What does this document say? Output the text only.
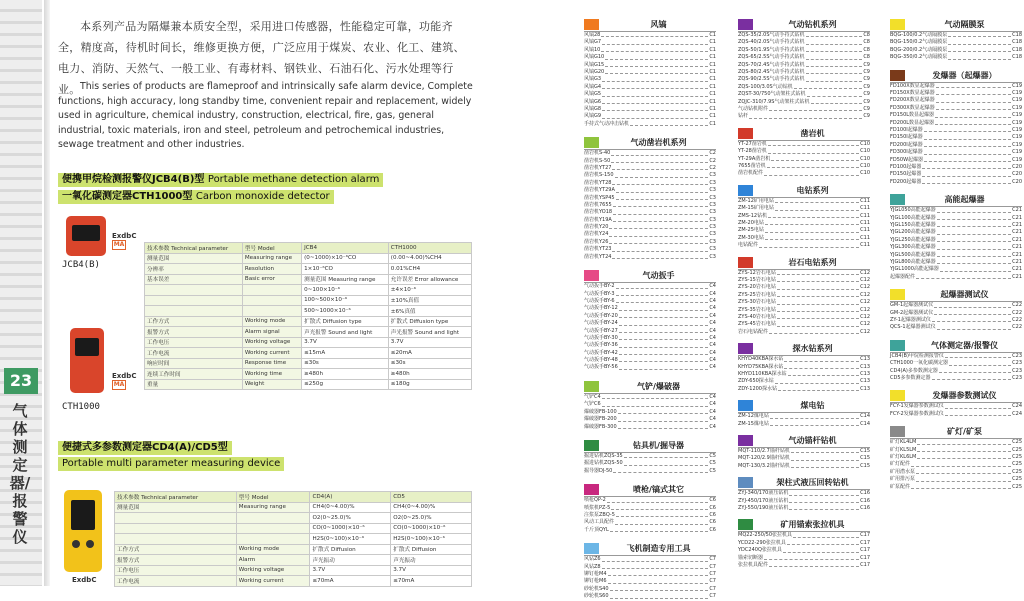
23
气体测定器/报警仪
本系列产品为隔爆兼本质安全型，采用进口传感器，性能稳定可靠，功能齐全，精度高，待机时间长，维修更换方便，广泛应用于煤炭、农业、化工、建筑、电力、消防、天然气、一般工业、有毒材料、钢铁业、石油石化、污水处理等行业。 This series of products are flameproof and intrinsically safe alarm device, Complete functions, high accuracy, long standby time, convenient repair and replacement, widely used in agriculture, chemical industry, construction, electrical, fire, gas, general industrial, toxic materials, iron and steel, petroleum and petrochemical industries, sewage treatment and other industries.
便携甲烷检测报警仪JCB4(B)型 Portable methane detection alarm
一氧化碳测定器CTH1000型 Carbon monoxide detector
ExdbC
MA
JCB4(B)
ExdbC
MA
CTH1000
技术参数 Technical parameter	型号 Model	JCB4	CTH1000
测量范围	Measuring range	(0~1000)×10⁻⁶CO	(0.00~4.00)%CH4
分辨率	Resolution	1×10⁻⁶CO	0.01%CH4
基本误差	Basic error	测量范围 Measuring range	允许误差 Error allowance
		0~100×10⁻⁶	±4×10⁻⁶
		100~500×10⁻⁶	±10%真值
		500~1000×10⁻⁶	±6%真值
工作方式	Working mode	扩散式 Diffusion type	扩散式 Diffusion type
报警方式	Alarm signal	声光报警 Sound and light	声光报警 Sound and light
工作电压	Working voltage	3.7V	3.7V
工作电流	Working current	≤15mA	≤20mA
响应时间	Response time	≤30s	≤30s
连续工作时间	Working time	≥480h	≥480h
重量	Weight	≤250g	≤180g
便捷式多参数测定器CD4(A)/CD5型
Portable multi parameter measuring device
ExdbC
技术参数 Technical parameter	型号 Model	CD4(A)	CD5
测量范围	Measuring range	CH4(0~4.00)%	CH4(0~4.00)%
		O2(0~25.0)%	O2(0~25.0)%
		CO(0~1000)×10⁻⁶	CO(0~1000)×10⁻⁶
		H2S(0~100)×10⁻⁶	H2S(0~100)×10⁻⁶
工作方式	Working mode	扩散式 Diffusion	扩散式 Diffusion
报警方式	Alarm	声光振动	声光振动
工作电压	Working voltage	3.7V	3.7V
工作电流	Working current	≤70mA	≤70mA
风镐
风镐28	C1
风镐G7	C1
风镐10	C1
风镐G10	C1
风镐G15	C1
风镐G20	C1
风镐G3	C1
风镐G4	C1
风镐G5	C1
风镐G6	C1
风镐G8	C1
风镐G9	C1
手持式气动冲击钻机	C1
气动凿岩机系列
凿岩机S-40	C2
凿岩机S-50	C2
凿岩机YT27	C2
凿岩机S-150	C3
凿岩机YT28	C3
凿岩机YT29A	C3
凿岩机YSP45	C3
凿岩机7655	C3
凿岩机YO18	C3
凿岩机Y19A	C3
凿岩机Y20	C3
凿岩机Y24	C3
凿岩机Y26	C3
凿岩机YT23	C3
凿岩机YT24	C3
气动扳手
气动扳手BY-2	C4
气动扳手BY-3	C4
气动扳手BY-6	C4
气动扳手BY-12	C4
气动扳手BY-20	C4
气动扳手BY-24	C4
气动扳手BY-27	C4
气动扳手BY-30	C4
气动扳手BY-36	C4
气动扳手BY-42	C4
气动扳手BY-48	C4
气动扳手BY-56	C4
气铲/爆破器
气铲C4	C4
气铲C6	C4
爆破器FB-100	C4
爆破器FB-200	C4
爆破器FB-300	C4
钻具机/掘导器
掘进钻机ZQS-35	C5
掘进钻机ZQS-50	C5
掘导器DJ-50	C5
喷枪/镐式其它
喷枪QP-2	C6
喷浆机PZ-5	C6
注浆泵ZBQ-5	C6
风动工具配件	C6
千斤顶QYL	C6
飞机制造专用工具
风钻Z6	C7
风钻Z8	C7
铆钉枪M4	C7
铆钉枪M6	C7
砂轮机S40	C7
砂轮机S60	C7
气动钻机系列
ZQS-35/2.0S气动手持式钻机	C8
ZQS-40/2.0S气动手持式钻机	C8
ZQS-50/1.9S气动手持式钻机	C8
ZQS-65/2.5S气动手持式钻机	C8
ZQS-70/2.4S气动手持式钻机	C9
ZQS-80/2.4S气动手持式钻机	C9
ZQS-90/2.5S气动手持式钻机	C9
ZQS-100/3.0S气动钻机	C9
ZQST-30/750气动架柱式钻机	C9
ZQJC-310/7.9S气动架柱式钻机	C9
气动钻机附件	C9
钻杆	C9
凿岩机
YT-27凿岩机	C10
YT-28凿岩机	C10
YT-29A凿岩机	C10
7655凿岩机	C10
凿岩机配件	C10
电钻系列
ZM-12矿用电钻	C11
ZM-15矿用电钻	C11
ZMS-12钻机	C11
ZM-20电钻	C11
ZM-25电钻	C11
ZM-30电钻	C11
电钻配件	C11
岩石电钻系列
ZYS-12岩石电钻	C12
ZYS-15岩石电钻	C12
ZYS-20岩石电钻	C12
ZYS-25岩石电钻	C12
ZYS-30岩石电钻	C12
ZYS-35岩石电钻	C12
ZYS-40岩石电钻	C12
ZYS-45岩石电钻	C12
岩石电钻配件	C12
探水钻系列
KHYD40KBA探水钻	C13
KHYD75KBA探水钻	C13
KHYD110KBA探水钻	C13
ZDY-650探水钻	C13
ZDY-1200探水钻	C13
煤电钻
ZM-12煤电钻	C14
ZM-15煤电钻	C14
气动锚杆钻机
MQT-110/2.7锚杆钻机	C15
MQT-120/2.9锚杆钻机	C15
MQT-130/3.2锚杆钻机	C15
架柱式液压回转钻机
ZYJ-340/170液压钻机	C16
ZYJ-450/170液压钻机	C16
ZYJ-550/190液压钻机	C16
矿用锚索张拉机具
MQ22-250/50张拉机具	C17
YCD22-290张拉机具	C17
YDC240Q张拉机具	C17
锚索切断器	C17
张拉机具配件	C17
气动隔膜泵
BQG-100/0.2气动隔膜泵	C18
BQG-150/0.2气动隔膜泵	C18
BQG-200/0.2气动隔膜泵	C18
BQG-350/0.2气动隔膜泵	C18
发爆器（起爆器）
FD100X数显起爆器	C19
FD150X数显起爆器	C19
FD200X数显起爆器	C19
FD300X数显起爆器	C19
FD150L数显起爆器	C19
FD200L数显起爆器	C19
FD100I起爆器	C19
FD150I起爆器	C19
FD200I起爆器	C19
FD300I起爆器	C19
FD50W起爆器	C19
FD100起爆器	C20
FD150起爆器	C20
FD200起爆器	C20
高能起爆器
YJGL050高能起爆器	C21
YJGL100高能起爆器	C21
YJGL150高能起爆器	C21
YJGL200高能起爆器	C21
YJGL250高能起爆器	C21
YJGL300高能起爆器	C21
YJGL500高能起爆器	C21
YJGL800高能起爆器	C21
YJGL1000高能起爆器	C21
起爆器配件	C21
起爆器测试仪
GM-1起爆器测试仪	C22
GM-2起爆器测试仪	C22
ZY-1起爆器测试仪	C22
QCS-1起爆器测试仪	C22
气体测定器/报警仪
JCB4(B)甲烷检测报警仪	C23
CTH1000一氧化碳测定器	C23
CD4(A)多参数测定器	C23
CD5多参数测定器	C23
发爆器参数测试仪
FCY-1发爆器参数测试仪	C24
FCY-2发爆器参数测试仪	C24
矿灯/矿泵
矿灯KL4LM	C25
矿灯KL5LM	C25
矿灯KL6LM	C25
矿灯配件	C25
矿用潜水泵	C25
矿用排污泵	C25
矿泵配件	C25
